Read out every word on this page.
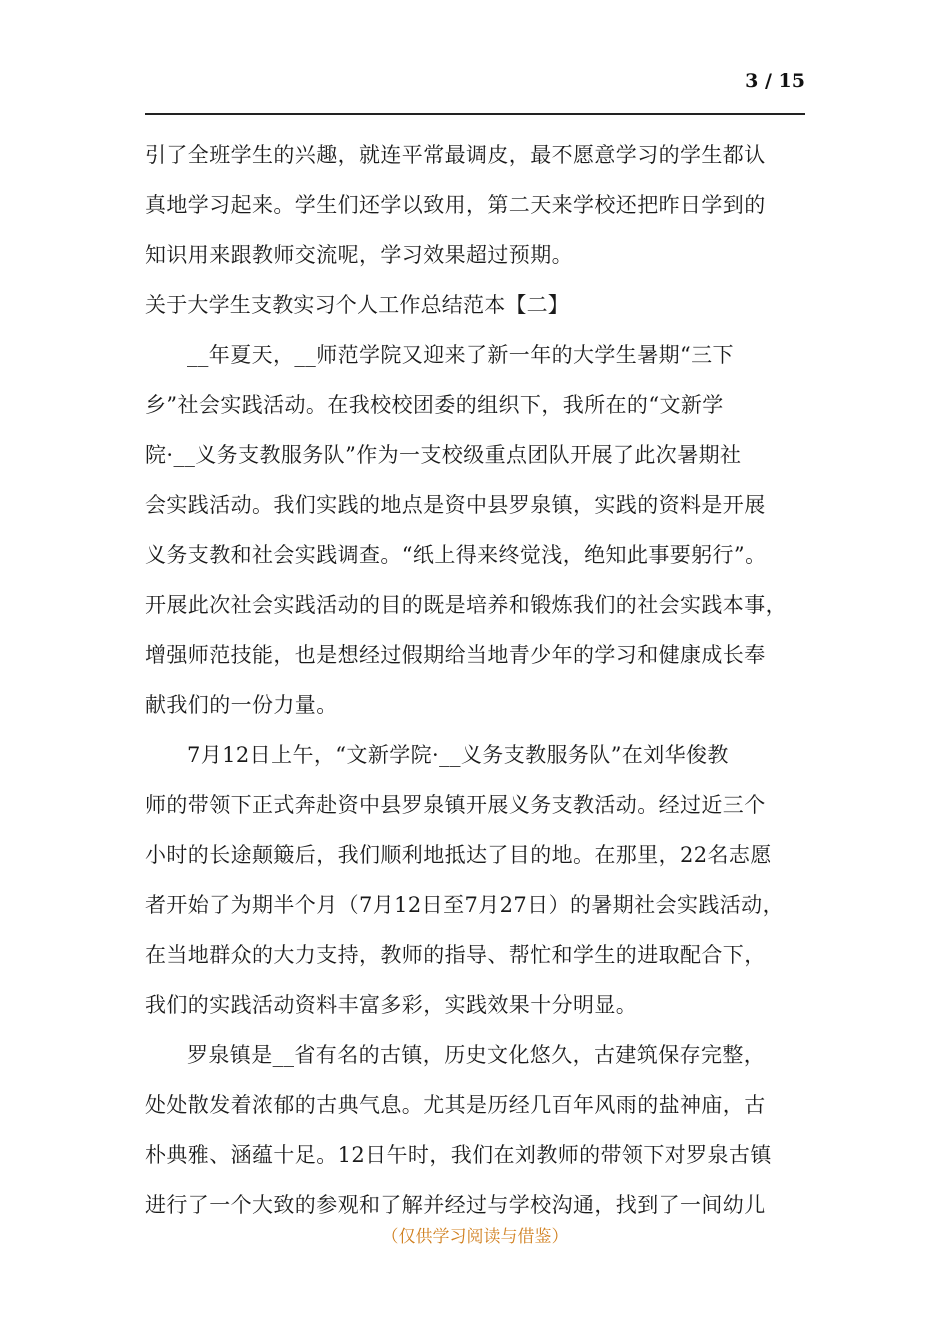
3 / 15
引了全班学生的兴趣，就连平常最调皮，最不愿意学习的学生都认
真地学习起来。学生们还学以致用，第二天来学校还把昨日学到的
知识用来跟教师交流呢，学习效果超过预期。
关于大学生支教实习个人工作总结范本【二】
__年夏天，__师范学院又迎来了新一年的大学生暑期“三下
乡”社会实践活动。在我校校团委的组织下，我所在的“文新学
院·__义务支教服务队”作为一支校级重点团队开展了此次暑期社
会实践活动。我们实践的地点是资中县罗泉镇，实践的资料是开展
义务支教和社会实践调查。“纸上得来终觉浅，绝知此事要躬行”。
开展此次社会实践活动的目的既是培养和锻炼我们的社会实践本事，
增强师范技能，也是想经过假期给当地青少年的学习和健康成长奉
献我们的一份力量。
7月12日上午，“文新学院·__义务支教服务队”在刘华俊教
师的带领下正式奔赴资中县罗泉镇开展义务支教活动。经过近三个
小时的长途颠簸后，我们顺利地抵达了目的地。在那里，22名志愿
者开始了为期半个月（7月12日至7月27日）的暑期社会实践活动，
在当地群众的大力支持，教师的指导、帮忙和学生的进取配合下，
我们的实践活动资料丰富多彩，实践效果十分明显。
罗泉镇是__省有名的古镇，历史文化悠久，古建筑保存完整，
处处散发着浓郁的古典气息。尤其是历经几百年风雨的盐神庙，古
朴典雅、涵蕴十足。12日午时，我们在刘教师的带领下对罗泉古镇
进行了一个大致的参观和了解并经过与学校沟通，找到了一间幼儿
（仅供学习阅读与借鉴）
